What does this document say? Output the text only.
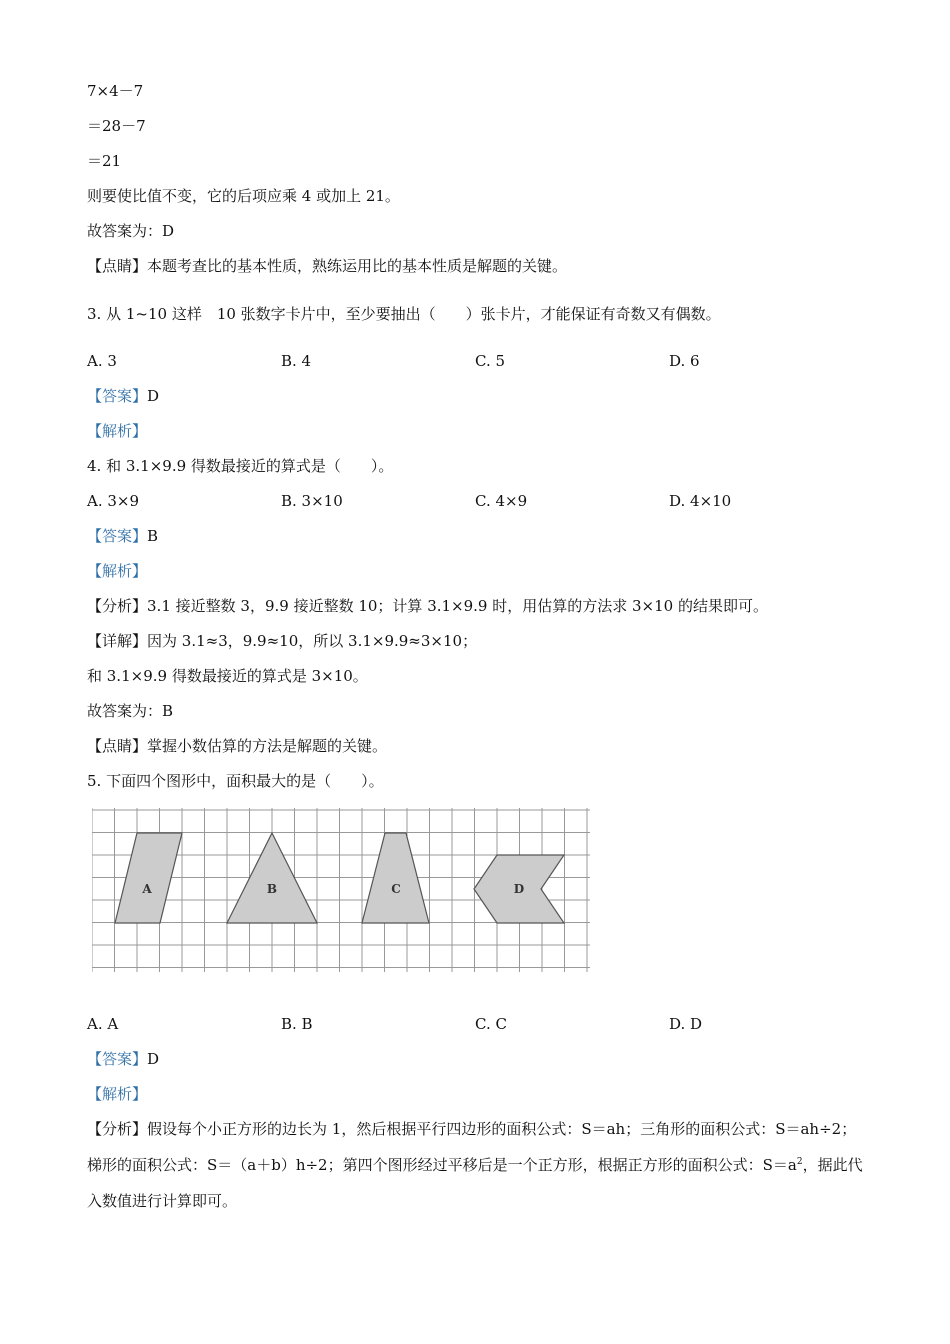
7×4－7
＝28－7
＝21
则要使比值不变，它的后项应乘 4 或加上 21。
故答案为：D
【点睛】本题考查比的基本性质，熟练运用比的基本性质是解题的关键。
3. 从 1~10 这样　10 张数字卡片中，至少要抽出（　　）张卡片，才能保证有奇数又有偶数。
A. 3	B. 4	C. 5	D. 6
【答案】D
【解析】
4. 和 3.1×9.9 得数最接近的算式是（　　）。
A. 3×9	B. 3×10	C. 4×9	D. 4×10
【答案】B
【解析】
【分析】3.1 接近整数 3，9.9 接近整数 10；计算 3.1×9.9 时，用估算的方法求 3×10 的结果即可。
【详解】因为 3.1≈3，9.9≈10，所以 3.1×9.9≈3×10；
和 3.1×9.9 得数最接近的算式是 3×10。
故答案为：B
【点睛】掌握小数估算的方法是解题的关键。
5. 下面四个图形中，面积最大的是（　　）。
A	B	C	D
A. A	B. B	C. C	D. D
【答案】D
【解析】
【分析】假设每个小正方形的边长为 1，然后根据平行四边形的面积公式：S＝ah；三角形的面积公式：S＝ah÷2；梯形的面积公式：S＝（a＋b）h÷2；第四个图形经过平移后是一个正方形，根据正方形的面积公式：$S=a^2$，据此代入数值进行计算即可。
